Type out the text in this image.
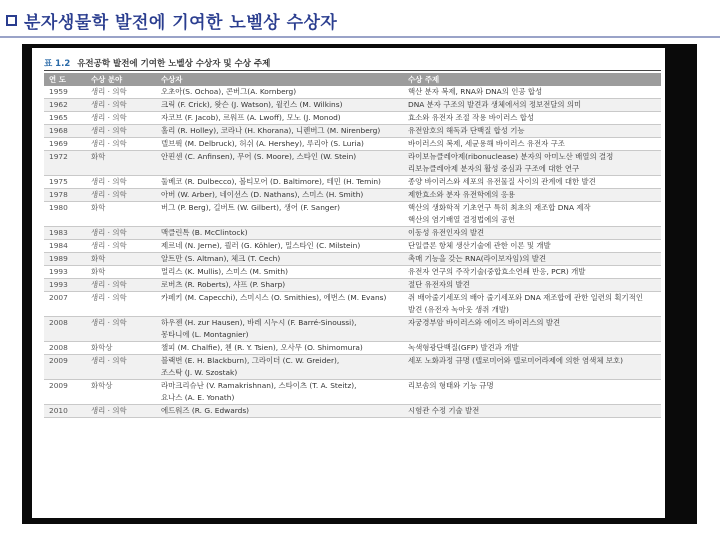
분자생물학 발전에 기여한 노벨상 수상자
표 1.2 유전공학 발전에 기여한 노벨상 수상자 및 수상 주제
연 도	수상 분야	수상자	수상 주제

1959	생리 · 의학	오초아(S. Ochoa), 콘버그(A. Kornberg)	핵산 분자 복제, RNA와 DNA의 인공 합성

1962	생리 · 의학	크릭 (F. Crick), 왓슨 (J. Watson), 윌킨스 (M. Wilkins)	DNA 분자 구조의 발견과 생체에서의 정보전달의 의미

1965	생리 · 의학	자코브 (F. Jacob), 르워프 (A. Lwoff), 모노 (J. Monod)	효소와 유전자 조절 작용 바이러스 합성

1968	생리 · 의학	홀리 (R. Holley), 코라나 (H. Khorana), 니렌버그 (M. Nirenberg)	유전암호의 해독과 단백질 합성 기능

1969	생리 · 의학	델브뤽 (M. Delbruck), 허쉬 (A. Hershey), 루리아 (S. Luria)	바이러스의 복제, 세균용해 바이러스 유전자 구조

1972	화학	안핀센 (C. Anfinsen), 무어 (S. Moore), 스타인 (W. Stein)	라이보뉴클레아제(ribonuclease) 분자의 아미노산 배열의 결정
리보뉴클레아제 분자의 활성 중심과 구조에 대한 연구

1975	생리 · 의학	둘베코 (R. Dulbecco), 볼티모어 (D. Baltimore), 테민 (H. Temin)	종양 바이러스와 세포의 유전물질 사이의 관계에 대한 발견

1978	생리 · 의학	아버 (W. Arber), 네이선스 (D. Nathans), 스미스 (H. Smith)	제한효소와 분자 유전학에의 응용

1980	화학	버그 (P. Berg), 길버트 (W. Gilbert), 생어 (F. Sanger)	핵산의 생화학적 기초연구 특히 최초의 재조합 DNA 제작
핵산의 염기배열 결정법에의 공헌

1983	생리 · 의학	맥클린톡 (B. McClintock)	이동성 유전인자의 발견

1984	생리 · 의학	제르네 (N. Jerne), 쾰러 (G. Köhler), 밀스타인 (C. Milstein)	단일클론 항체 생산기술에 관한 이론 및 개발

1989	화학	알트만 (S. Altman), 체크 (T. Cech)	촉매 기능을 갖는 RNA(라이보자임)의 발견

1993	화학	멀리스 (K. Mullis), 스미스 (M. Smith)	유전자 연구의 주작기술(중합효소연쇄 반응, PCR) 개발

1993	생리 · 의학	로버츠 (R. Roberts), 샤프 (P. Sharp)	절단 유전자의 발견

2007	생리 · 의학	카페키 (M. Capecchi), 스미시스 (O. Smithies), 에번스 (M. Evans)	쥐 배아줄기세포의 배아 줄기세포와 DNA 재조합에 관한 일련의 획기적인
발견 (유전자 녹아웃 생쥐 개발)

2008	생리 · 의학	하우젠 (H. zur Hausen), 바레 시누시 (F. Barré-Sinoussi),
몽타니에 (L. Montagnier)	자궁경부암 바이러스와 에이즈 바이러스의 발견

2008	화학상	챌피 (M. Chalfie), 첸 (R. Y. Tsien), 오사무 (O. Shimomura)	녹색형광단백질(GFP) 발견과 개발

2009	생리 · 의학	블랙번 (E. H. Blackburn), 그라이더 (C. W. Greider),
조스탁 (J. W. Szostak)	세포 노화과정 규명 (텔로미어와 텔로미어라제에 의한 염색체 보호)

2009	화학상	라마크리슈난 (V. Ramakrishnan), 스타이츠 (T. A. Steitz),
요나스 (A. E. Yonath)	리보솜의 형태와 기능 규명

2010	생리 · 의학	에드워즈 (R. G. Edwards)	시험관 수정 기술 발전
